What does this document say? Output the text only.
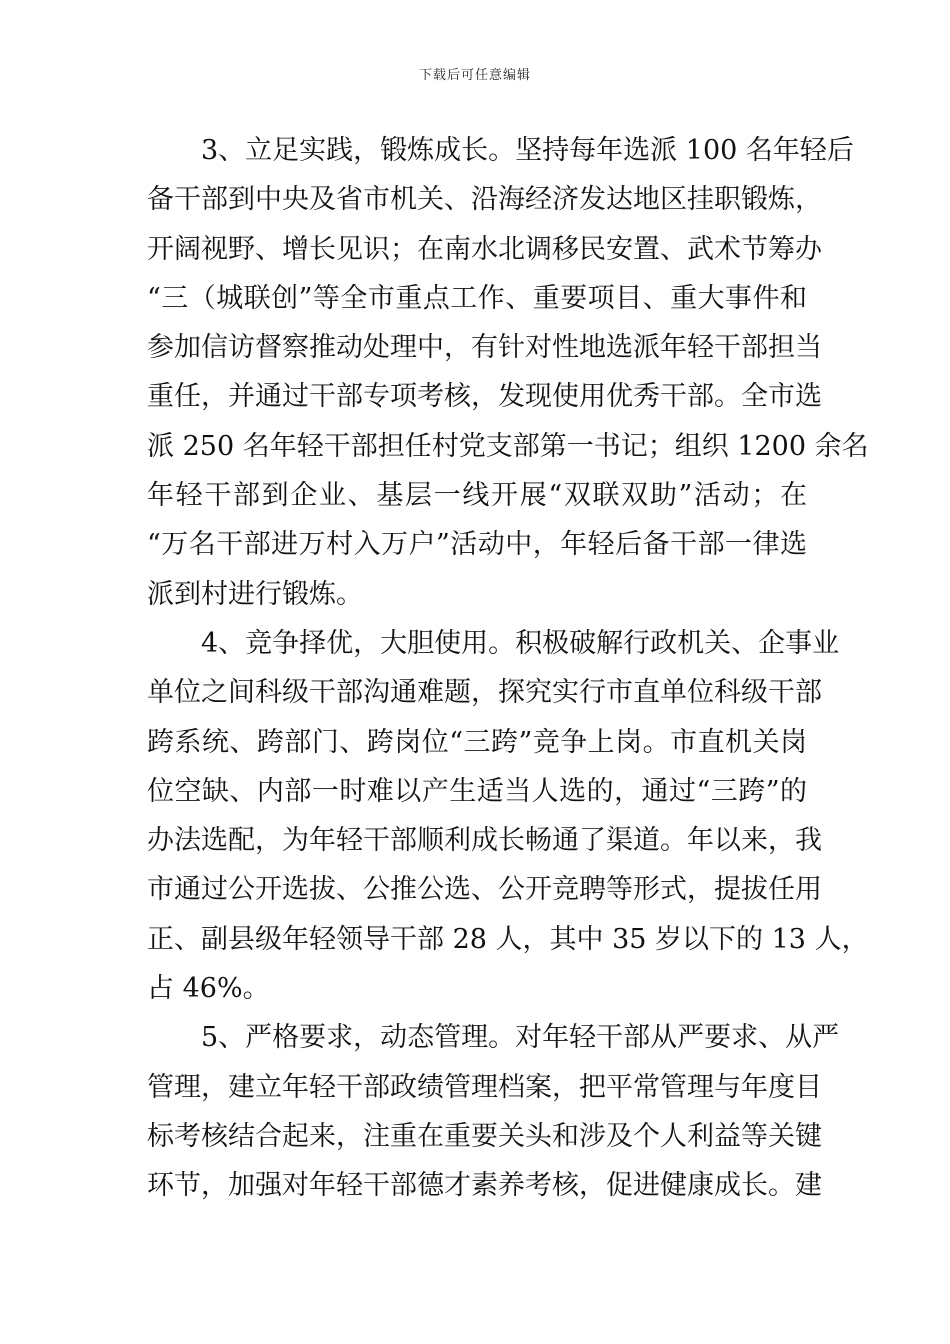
下载后可任意编辑
3、立足实践，锻炼成长。坚持每年选派 100 名年轻后
备干部到中央及省市机关、沿海经济发达地区挂职锻炼，
开阔视野、增长见识；在南水北调移民安置、武术节筹办
“三（城联创”等全市重点工作、重要项目、重大事件和
参加信访督察推动处理中，有针对性地选派年轻干部担当
重任，并通过干部专项考核，发现使用优秀干部。全市选
派 250 名年轻干部担任村党支部第一书记；组织 1200 余名
年轻干部到企业、基层一线开展“双联双助”活动；在
“万名干部进万村入万户”活动中，年轻后备干部一律选
派到村进行锻炼。
4、竞争择优，大胆使用。积极破解行政机关、企事业
单位之间科级干部沟通难题，探究实行市直单位科级干部
跨系统、跨部门、跨岗位“三跨”竞争上岗。市直机关岗
位空缺、内部一时难以产生适当人选的，通过“三跨”的
办法选配，为年轻干部顺利成长畅通了渠道。年以来，我
市通过公开选拔、公推公选、公开竞聘等形式，提拔任用
正、副县级年轻领导干部 28 人，其中 35 岁以下的 13 人，
占 46%。
5、严格要求，动态管理。对年轻干部从严要求、从严
管理，建立年轻干部政绩管理档案，把平常管理与年度目
标考核结合起来，注重在重要关头和涉及个人利益等关键
环节，加强对年轻干部德才素养考核，促进健康成长。建
